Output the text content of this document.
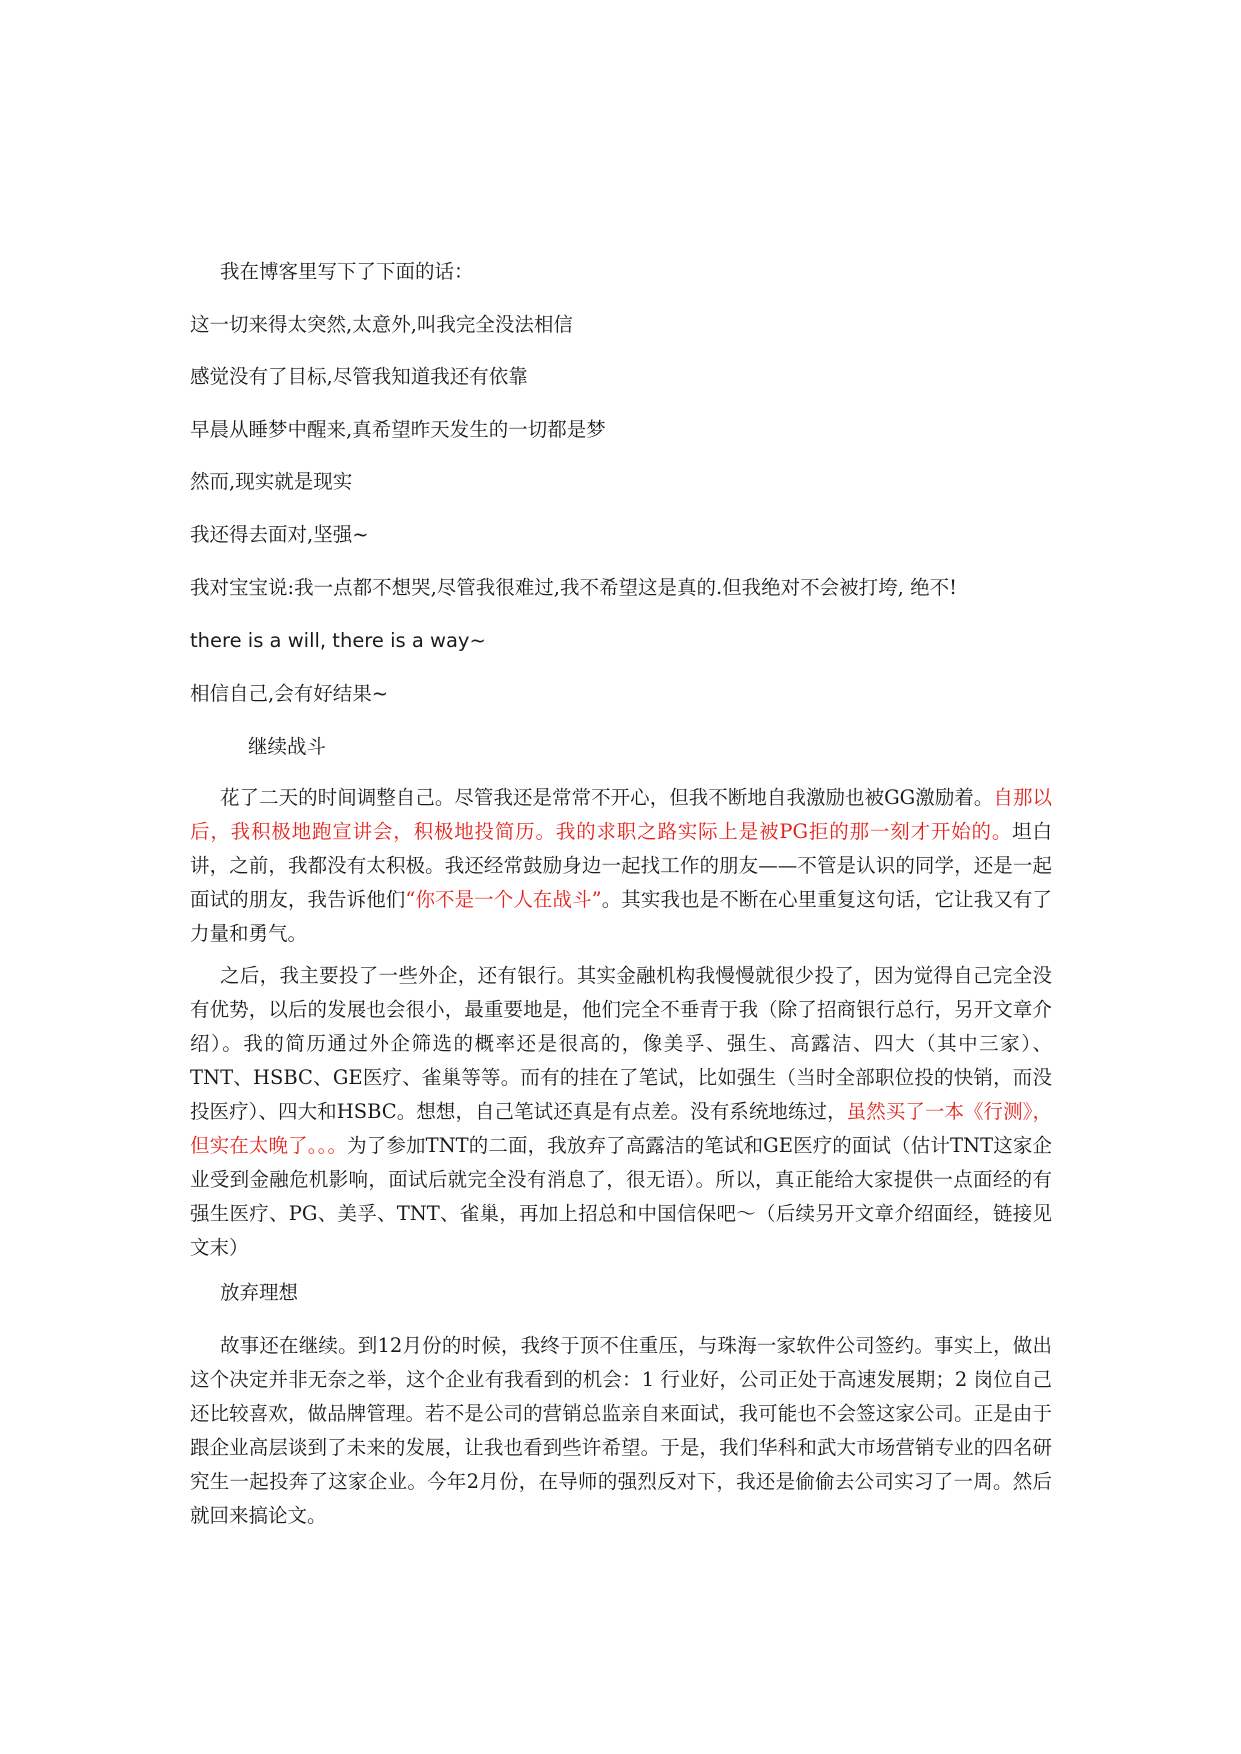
我在博客里写下了下面的话：
这一切来得太突然,太意外,叫我完全没法相信
感觉没有了目标,尽管我知道我还有依靠
早晨从睡梦中醒来,真希望昨天发生的一切都是梦
然而,现实就是现实
我还得去面对,坚强~
我对宝宝说:我一点都不想哭,尽管我很难过,我不希望这是真的.但我绝对不会被打垮, 绝不!
there is a will, there is a way~
相信自己,会有好结果~
继续战斗
花了二天的时间调整自己。尽管我还是常常不开心，但我不断地自我激励也被GG激励着。自那以后，我积极地跑宣讲会，积极地投简历。我的求职之路实际上是被PG拒的那一刻才开始的。坦白讲，之前，我都没有太积极。我还经常鼓励身边一起找工作的朋友——不管是认识的同学，还是一起面试的朋友，我告诉他们“你不是一个人在战斗”。其实我也是不断在心里重复这句话，它让我又有了力量和勇气。
之后，我主要投了一些外企，还有银行。其实金融机构我慢慢就很少投了，因为觉得自己完全没有优势，以后的发展也会很小，最重要地是，他们完全不垂青于我（除了招商银行总行，另开文章介绍）。我的简历通过外企筛选的概率还是很高的，像美孚、强生、高露洁、四大（其中三家）、TNT、HSBC、GE医疗、雀巢等等。而有的挂在了笔试，比如强生（当时全部职位投的快销，而没投医疗）、四大和HSBC。想想，自己笔试还真是有点差。没有系统地练过，虽然买了一本《行测》，但实在太晚了。。。为了参加TNT的二面，我放弃了高露洁的笔试和GE医疗的面试（估计TNT这家企业受到金融危机影响，面试后就完全没有消息了，很无语）。所以，真正能给大家提供一点面经的有强生医疗、PG、美孚、TNT、雀巢，再加上招总和中国信保吧～（后续另开文章介绍面经，链接见文末）
放弃理想
故事还在继续。到12月份的时候，我终于顶不住重压，与珠海一家软件公司签约。事实上，做出这个决定并非无奈之举，这个企业有我看到的机会：1 行业好，公司正处于高速发展期；2 岗位自己还比较喜欢，做品牌管理。若不是公司的营销总监亲自来面试，我可能也不会签这家公司。正是由于跟企业高层谈到了未来的发展，让我也看到些许希望。于是，我们华科和武大市场营销专业的四名研究生一起投奔了这家企业。今年2月份，在导师的强烈反对下，我还是偷偷去公司实习了一周。然后就回来搞论文。
